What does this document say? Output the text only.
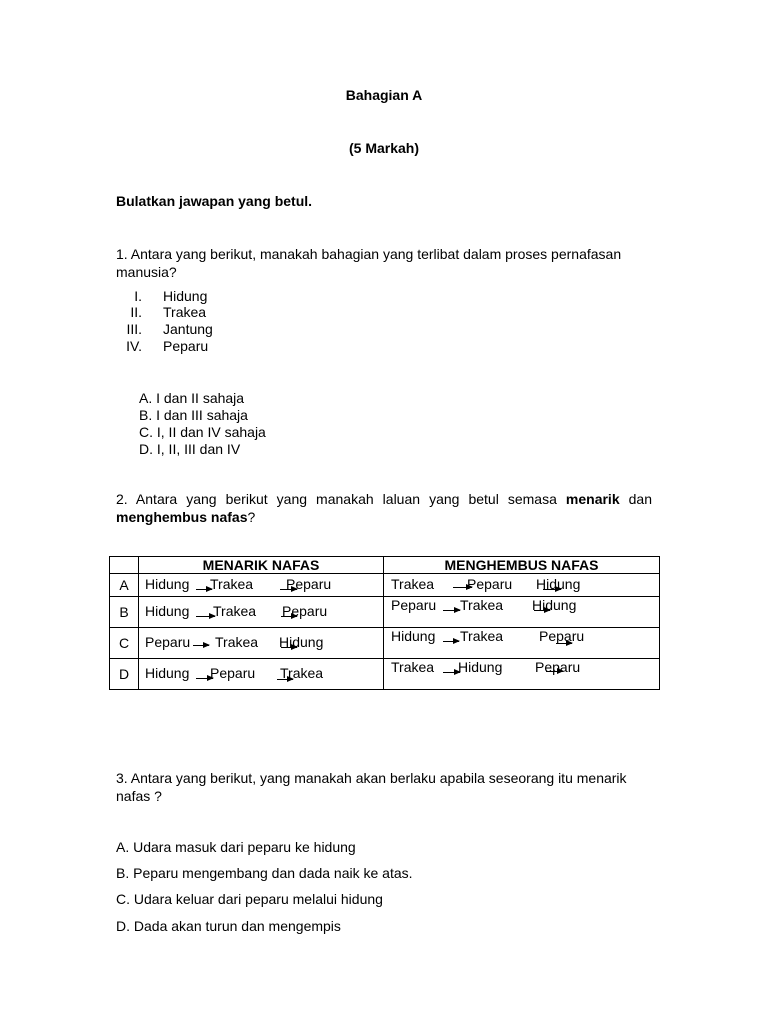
Bahagian A
(5 Markah)
Bulatkan jawapan yang betul.
1. Antara yang berikut, manakah bahagian yang terlibat dalam proses pernafasan manusia?
I. Hidung
II. Trakea
III. Jantung
IV. Peparu
A. I dan II sahaja
B. I dan III sahaja
C. I, II dan IV sahaja
D. I, II, III dan IV
2. Antara yang berikut yang manakah laluan yang betul semasa menarik dan menghembus nafas?
	MENARIK NAFAS	MENGHEMBUS NAFAS
A	Hidung Trakea Peparu	Trakea Peparu Hidung

B	Hidung Trakea Peparu	Peparu Trakea Hidung

C	Peparu Trakea Hidung	Hidung Trakea Peparu

D	Hidung Peparu Trakea	Trakea Hidung Peparu
3. Antara yang berikut, yang manakah akan berlaku apabila seseorang itu menarik nafas ?
A. Udara masuk dari peparu ke hidung
B. Peparu mengembang dan dada naik ke atas.
C. Udara keluar dari peparu melalui hidung
D. Dada akan turun dan mengempis
